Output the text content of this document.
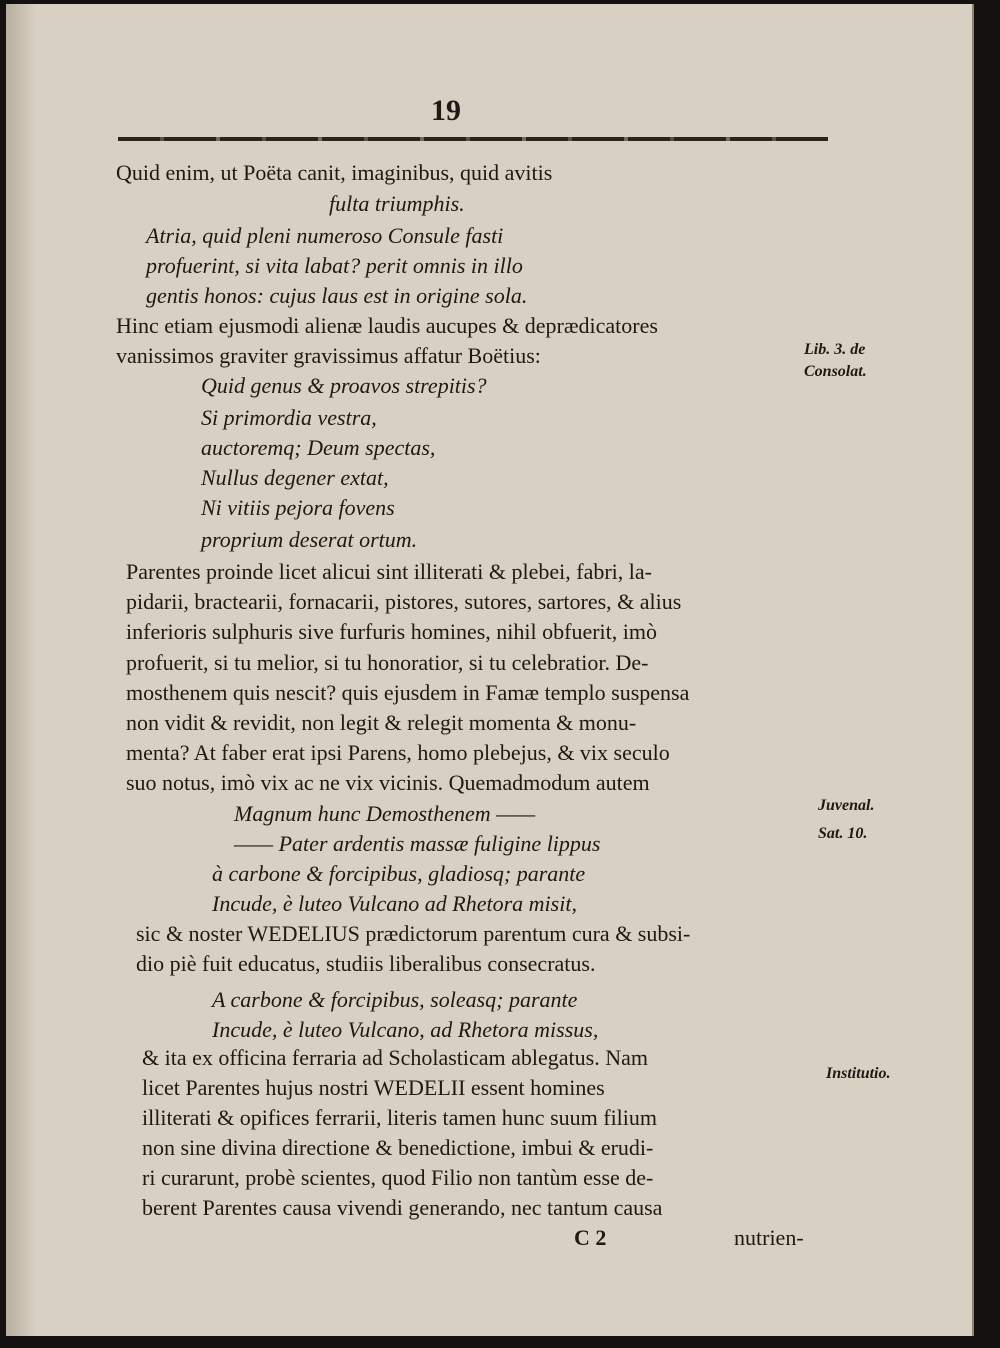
19
Quid enim, ut Poëta canit, imaginibus, quid avitis
fulta triumphis.
Atria, quid pleni numeroso Consule fasti
profuerint, si vita labat? perit omnis in illo
gentis honos: cujus laus est in origine sola.
Hinc etiam ejusmodi alienæ laudis aucupes & deprædicatores
vanissimos graviter gravissimus affatur Boëtius:
Quid genus & proavos strepitis?
Si primordia vestra,
auctoremq; Deum spectas,
Nullus degener extat,
Ni vitiis pejora fovens
proprium deserat ortum.
Parentes proinde licet alicui sint illiterati & plebei, fabri, la-
pidarii, bractearii, fornacarii, pistores, sutores, sartores, & alius
inferioris sulphuris sive furfuris homines, nihil obfuerit, imò
profuerit, si tu melior, si tu honoratior, si tu celebratior. De-
mosthenem quis nescit? quis ejusdem in Famæ templo suspensa
non vidit & revidit, non legit & relegit momenta & monu-
menta? At faber erat ipsi Parens, homo plebejus, & vix seculo
suo notus, imò vix ac ne vix vicinis. Quemadmodum autem
Magnum hunc Demosthenem ——
—— Pater ardentis massæ fuligine lippus
à carbone & forcipibus, gladiosq; parante
Incude, è luteo Vulcano ad Rhetora misit,
sic & noster WEDELIUS prædictorum parentum cura & subsi-
dio piè fuit educatus, studiis liberalibus consecratus.
A carbone & forcipibus, soleasq; parante
Incude, è luteo Vulcano, ad Rhetora missus,
& ita ex officina ferraria ad Scholasticam ablegatus. Nam
licet Parentes hujus nostri WEDELII essent homines
illiterati & opifices ferrarii, literis tamen hunc suum filium
non sine divina directione & benedictione, imbui & erudi-
ri curarunt, probè scientes, quod Filio non tantùm esse de-
berent Parentes causa vivendi generando, nec tantum causa
C 2	nutrien-
Lib. 3. de
Consolat.
Juvenal.
Sat. 10.
Institutio.
